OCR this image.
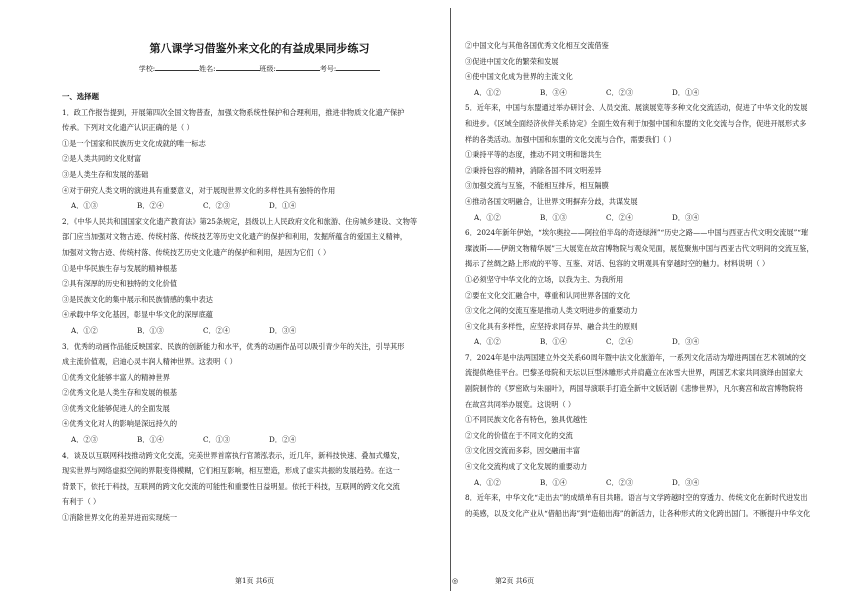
第八课学习借鉴外来文化的有益成果同步练习
学校:	姓名:	班级:	考号:
一、选择题

1．政工作报告提到，开展第四次全国文物普查，加强文物系统性保护和合理利用，推进非物质文化遗产保护

传承。下列对文化遗产认识正确的是（ ）

①是一个国家和民族历史文化成就的唯一标志

②是人类共同的文化财富

③是人类生存和发展的基础

④对于研究人类文明的演进具有重要意义，对于展现世界文化的多样性具有独特的作用

A．①③	B．②④	C．②③	D．①④

2．《中华人民共和国国家文化遗产教育法》第25条规定，县级以上人民政府文化和旅游、住房城乡建设、文物等

部门应当加强对文物古迹、传统村落、传统技艺等历史文化遗产的保护和利用，发掘所蕴含的爱国主义精神，

加强对文物古迹、传统村落、传统技艺历史文化遗产的保护和利用，是因为它们（ ）

①是中华民族生存与发展的精神根基

②具有深厚的历史和独特的文化价值

③是民族文化的集中展示和民族情感的集中表达

④承载中华文化基因，彰显中华文化的深厚底蕴

A．①②	B．①③	C．②④	D．③④

3．优秀的动画作品能反映国家、民族的创新能力和水平，优秀的动画作品可以吸引青少年的关注，引导其形

成主流价值观，启迪心灵丰润人精神世界。这表明（ ）

①优秀文化能够丰富人的精神世界

②优秀文化是人类生存和发展的根基

③优秀文化能够促进人的全面发展

④优秀文化对人的影响是深远持久的

A．②③	B．①④	C．①③	D．②④

4．谈及以互联网科技推动跨文化交流，完美世界首席执行官萧泓表示，近几年，新科技快速、叠加式爆发，

现实世界与网络虚拟空间的界限变得模糊，它们相互影响，相互塑造，形成了虚实共振的发展趋势。在这一

背景下，依托于科技，互联网的跨文化交流的可能性和重要性日益明显。依托于科技，互联网的跨文化交流

有利于（ ）

①消除世界文化的差异进而实现统一

②中国文化与其他各国优秀文化相互交流借鉴

③促进中国文化的繁荣和发展

④使中国文化成为世界的主流文化

A．①②	B．③④	C．②③	D．①④

5．近年来，中国与东盟通过举办研讨会、人员交流、展演展览等多种文化交流活动，促进了中华文化的发展

和进步。《区域全面经济伙伴关系协定》全面生效有利于加强中国和东盟的文化交流与合作，促进开展形式多

样的各类活动。加强中国和东盟的文化交流与合作，需要我们（ ）

①秉持平等的态度，推动不同文明和谐共生

②秉持包容的精神，消除各国不同文明差异

③加强交流与互鉴，不能相互排斥，相互隔膜

④推动各国文明融合，让世界文明摒弃分歧，共谋发展

A．①②	B．①③	C．②④	D．③④

6．2024年新年伊始，“埃尔奥拉——阿拉伯半岛的奇迹绿洲”“历史之路——中国与西亚古代文明交流展”“璀

璨波斯——伊朗文物精华展”三大展览在故宫博物院与观众见面，展览聚焦中国与西亚古代文明间的交流互鉴，

揭示了丝绸之路上形成的平等、互鉴、对话、包容的文明观具有穿越时空的魅力。材料说明（ ）

①必须坚守中华文化的立场，以我为主、为我所用

②要在文化交汇融合中，尊重和认同世界各国的文化

③文化之间的交流互鉴是推动人类文明进步的重要动力

④文化具有多样性，应坚持求同存异、融合共生的原则

A．①②	B．①④	C．②④	D．③④

7．2024年是中法两国建立外交关系60周年暨中法文化旅游年，一系列文化活动为增进两国在艺术领域的交

流提供绝佳平台。巴黎圣母院和天坛以巨型沐雕形式并肩矗立在冰雪大世界，两国艺术家共同演绎由国家大

剧院制作的《罗密欧与朱丽叶》，两国导演联手打造全新中文版话剧《悲惨世界》，凡尔赛宫和故宫博物院将

在故宫共同举办展览。这说明（ ）

①不同民族文化各有特色，独具优越性

②文化的价值在于不同文化的交流

③文化因交流而多彩，因交融而丰富

④文化交流构成了文化发展的重要动力

A．①②	B．①④	C．②③	D．③④

8．近年来，中华文化“走出去”的成绩单有目共睹。语言与文学跨越时空的穿透力、传统文化在新时代迸发出

的美感，以及文化产业从“借船出海”到“造船出海”的新活力，让各种形式的文化跨出国门。不断提升中华文化

第1页 共6页	◎	第2页 共6页
